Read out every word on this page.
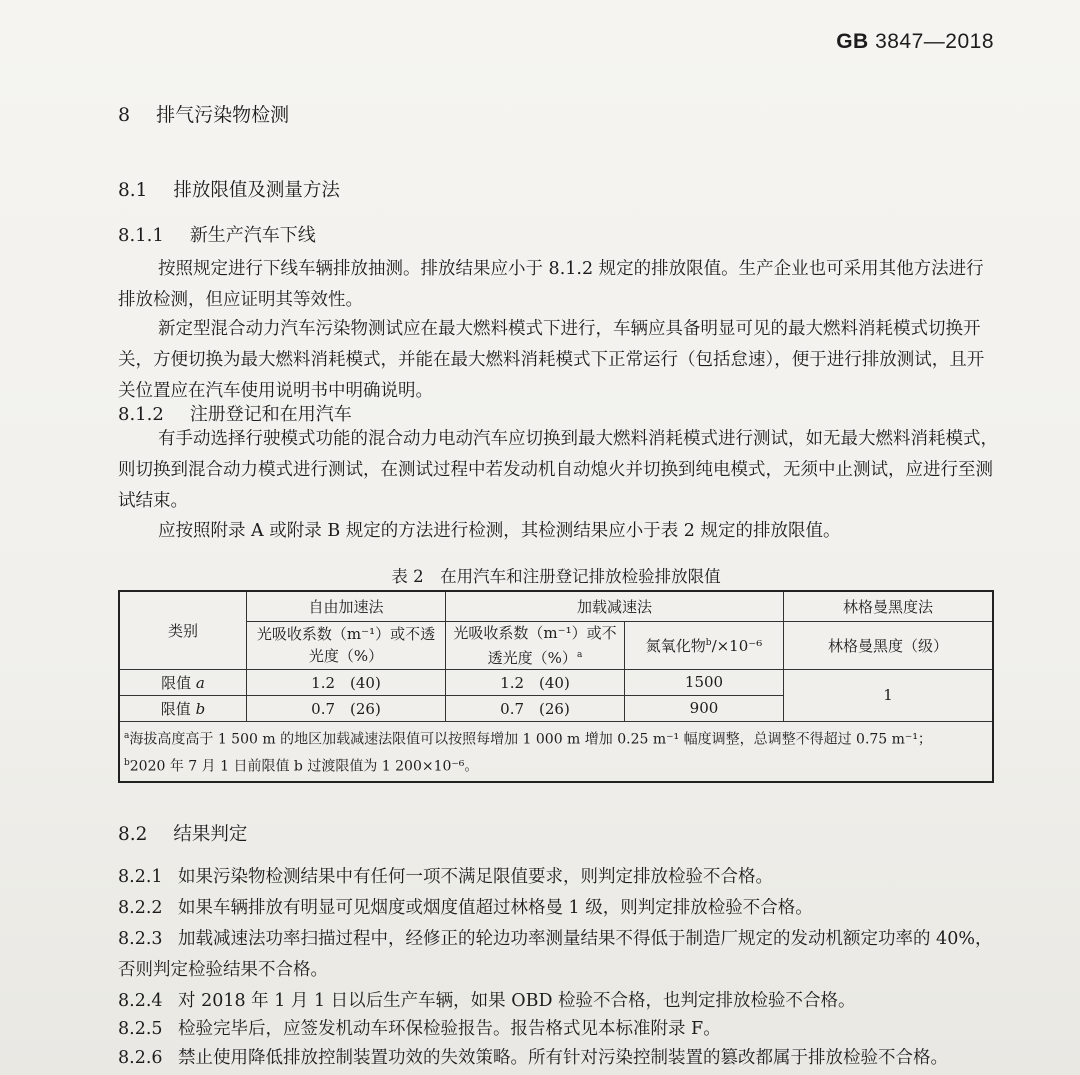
GB 3847—2018
8 排气污染物检测
8.1 排放限值及测量方法
8.1.1 新生产汽车下线
按照规定进行下线车辆排放抽测。排放结果应小于 8.1.2 规定的排放限值。生产企业也可采用其他方法进行排放检测，但应证明其等效性。
新定型混合动力汽车污染物测试应在最大燃料模式下进行，车辆应具备明显可见的最大燃料消耗模式切换开关，方便切换为最大燃料消耗模式，并能在最大燃料消耗模式下正常运行（包括怠速），便于进行排放测试，且开关位置应在汽车使用说明书中明确说明。
8.1.2 注册登记和在用汽车
有手动选择行驶模式功能的混合动力电动汽车应切换到最大燃料消耗模式进行测试，如无最大燃料消耗模式，则切换到混合动力模式进行测试，在测试过程中若发动机自动熄火并切换到纯电模式，无须中止测试，应进行至测试结束。
应按照附录 A 或附录 B 规定的方法进行检测，其检测结果应小于表 2 规定的排放限值。
表 2　在用汽车和注册登记排放检验排放限值
类别	自由加速法	加载减速法		林格曼黑度法
	光吸收系数（m⁻¹）或不透光度（%）	光吸收系数（m⁻¹）或不透光度（%）$^a$	氮氧化物$^b$/×10⁻⁶	林格曼黑度（级）
限值 a	1.2　(40)	1.2　(40)	1500	1
限值 b	0.7　(26)	0.7　(26)	900	

$^a$海拔高度高于 1 500 m 的地区加载减速法限值可以按照每增加 1 000 m 增加 0.25 m⁻¹ 幅度调整，总调整不得超过 0.75 m⁻¹；
$^b$2020 年 7 月 1 日前限值 b 过渡限值为 1 200×10⁻⁶。				
8.2 结果判定
8.2.1 如果污染物检测结果中有任何一项不满足限值要求，则判定排放检验不合格。
8.2.2 如果车辆排放有明显可见烟度或烟度值超过林格曼 1 级，则判定排放检验不合格。
8.2.3 加载减速法功率扫描过程中，经修正的轮边功率测量结果不得低于制造厂规定的发动机额定功率的 40%，否则判定检验结果不合格。
8.2.4 对 2018 年 1 月 1 日以后生产车辆，如果 OBD 检验不合格，也判定排放检验不合格。
8.2.5 检验完毕后，应签发机动车环保检验报告。报告格式见本标准附录 F。
8.2.6 禁止使用降低排放控制装置功效的失效策略。所有针对污染控制装置的篡改都属于排放检验不合格。
